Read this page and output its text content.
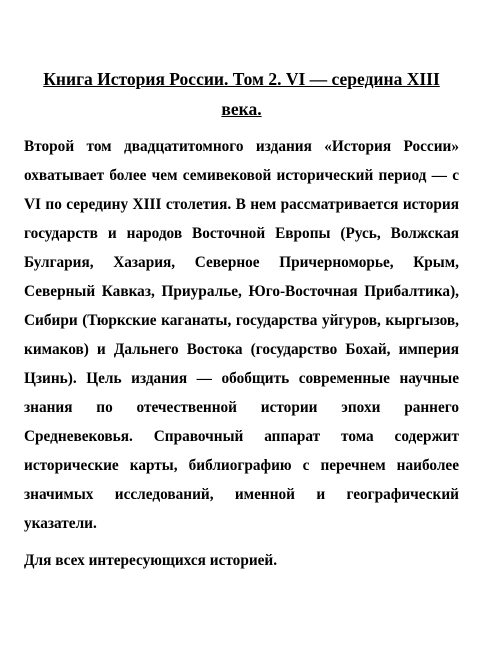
Книга История России. Том 2. VI — середина XIII века.

Второй том двадцатитомного издания «История России» охватывает более чем семивековой исторический период — с VI по середину XIII столетия. В нем рассматривается история государств и народов Восточной Европы (Русь, Волжская Булгария, Хазария, Северное Причерноморье, Крым, Северный Кавказ, Приуралье, Юго-Восточная Прибалтика), Сибири (Тюркские каганаты, государства уйгуров, кыргызов, кимаков) и Дальнего Востока (государство Бохай, империя Цзинь). Цель издания — обобщить современные научные знания по отечественной истории эпохи раннего Средневековья. Справочный аппарат тома содержит исторические карты, библиографию с перечнем наиболее значимых исследований, именной и географический указатели.

Для всех интересующихся историей.
